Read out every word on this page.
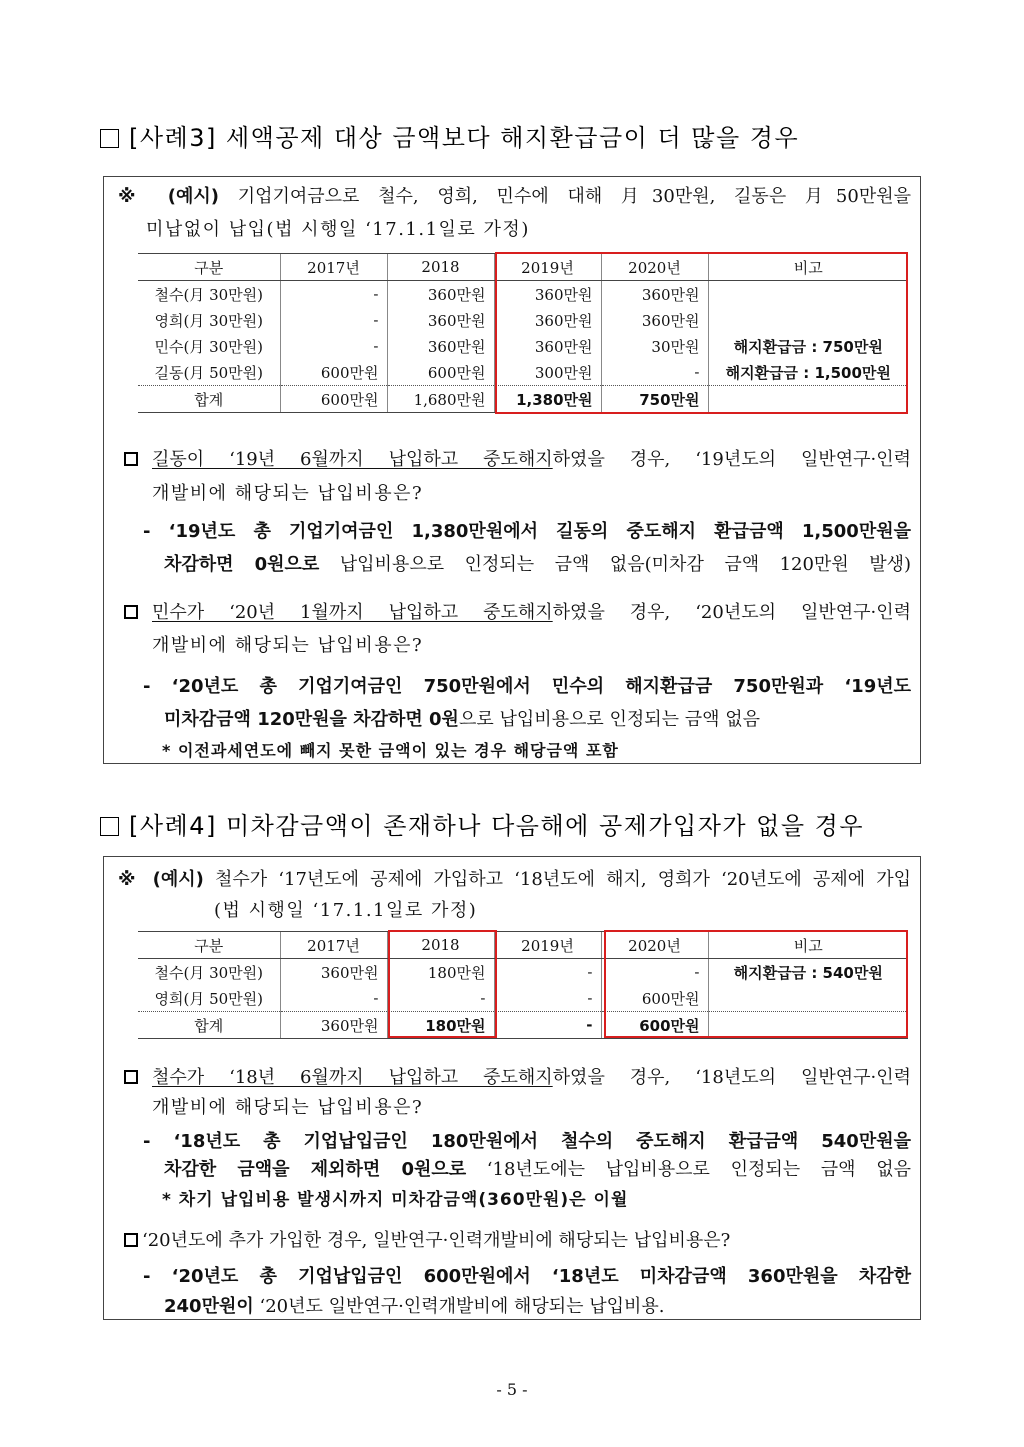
[사례3] 세액공제 대상 금액보다 해지환급금이 더 많을 경우
※ (예시) 기업기여금으로 철수, 영희, 민수에 대해 月30만원, 길동은 月50만원을
미납없이 납입(법 시행일 ‘17.1.1일로 가정)
구분	2017년	2018	2019년	2020년	비고
철수(月 30만원)	-	360만원	360만원	360만원	
영희(月 30만원)	-	360만원	360만원	360만원	
민수(月 30만원)	-	360만원	360만원	30만원	해지환급금 : 750만원
길동(月 50만원)	600만원	600만원	300만원	-	해지환급금 : 1,500만원
합계	600만원	1,680만원	1,380만원	750만원	
길동이 ‘19년 6월까지 납입하고 중도해지하였을 경우, ‘19년도의 일반연구·인력
개발비에 해당되는 납입비용은?
- ‘19년도 총 기업기여금인 1,380만원에서 길동의 중도해지 환급금액 1,500만원을
차감하면 0원으로 납입비용으로 인정되는 금액 없음(미차감 금액 120만원 발생)
민수가 ‘20년 1월까지 납입하고 중도해지하였을 경우, ‘20년도의 일반연구·인력
개발비에 해당되는 납입비용은?
- ‘20년도 총 기업기여금인 750만원에서 민수의 해지환급금 750만원과 ‘19년도
미차감금액 120만원을 차감하면 0원으로 납입비용으로 인정되는 금액 없음
* 이전과세연도에 빼지 못한 금액이 있는 경우 해당금액 포함
[사례4] 미차감금액이 존재하나 다음해에 공제가입자가 없을 경우
※ (예시) 철수가 ‘17년도에 공제에 가입하고 ‘18년도에 해지, 영희가 ‘20년도에 공제에 가입
(법 시행일 ‘17.1.1일로 가정)
구분	2017년	2018	2019년	2020년	비고
철수(月 30만원)	360만원	180만원	-	-	해지환급금 : 540만원
영희(月 50만원)	-	-	-	600만원	
합계	360만원	180만원	-	600만원	
철수가 ‘18년 6월까지 납입하고 중도해지하였을 경우, ‘18년도의 일반연구·인력
개발비에 해당되는 납입비용은?
- ‘18년도 총 기업납입금인 180만원에서 철수의 중도해지 환급금액 540만원을
차감한 금액을 제외하면 0원으로 ‘18년도에는 납입비용으로 인정되는 금액 없음
* 차기 납입비용 발생시까지 미차감금액(360만원)은 이월
‘20년도에 추가 가입한 경우, 일반연구·인력개발비에 해당되는 납입비용은?
- ‘20년도 총 기업납입금인 600만원에서 ‘18년도 미차감금액 360만원을 차감한
240만원이 ‘20년도 일반연구·인력개발비에 해당되는 납입비용.
- 5 -
